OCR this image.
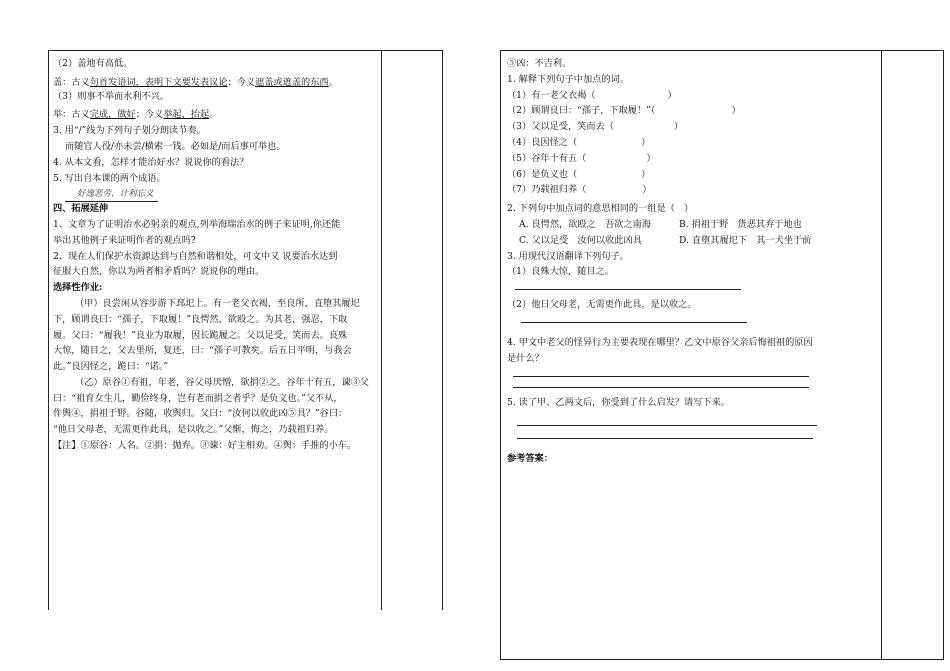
（2）盖地有高低。

盖：古义句首发语词，表明下文要发表议论；今义遮盖或遮盖的东西。

（3）则事不举而水利不兴。

举：古义完成，做好；今义举起，抬起。

3. 用“/”线为下列句子划分朗读节奏。

而随官人役/亦未尝/横索一钱。必如是/而后事可举也。

4. 从本文看，怎样才能治好水？说说你的看法？

5. 写出自本课的两个成语。

好逸恶劳、计利忘义

四、拓展延伸

1、文章为了证明治水必躬亲的观点,列举海瑞治水的例子来证明,你还能

举出其他例子来证明作者的观点吗?

2、现在人们保护水资源达到与自然和谐相处，可文中又 说要治水达到

征服大自然，你以为两者相矛盾吗？说说你的理由。

选择性作业:

（甲）良尝闲从容步游下邳圯上。有一老父衣褐，至良所，直堕其履圯

下，顾谓良曰：“孺子，下取履！”良愕然，欲殴之。为其老，强忍，下取

履。父曰：“履我！”良业为取履，因长跪履之。父以足受，笑而去。良殊

大惊，随目之，父去里所，复还，曰：“孺子可教矣。后五日平明，与我会

此。”良因怪之，跪曰：“诺。”

（乙）原谷①有祖，年老，谷父母厌憎，欲捐②之。谷年十有五，谏③父

曰：“祖育女生儿，勤俭终身，岂有老而捐之者乎？是负义也。”父不从，

作舆④，捐祖于野。谷随，收舆归。父曰：“汝何以收此凶⑤具？”谷曰：

“他日父母老，无需更作此具，是以收之。”父惭，悔之，乃载祖归养。

【注】①原谷：人名。②捐：抛弃。③谏：好主相劝。④舆：手推的小车。

⑤凶：不吉利。

1. 解释下列句子中加点的词。

（1）有一老父衣褐（	）

（2）顾谓良曰：“孺子，下取履！”（	）

（3）父以足受，笑而去（	）

（4）良因怪之（	）

（5）谷年十有五（	）

（6）是负义也（	）

（7）乃载祖归养（	）

2. 下列句中加点词的意思相同的一组是（　）

A. 良愕然，欲殴之　吾欲之南海	B. 捐祖于野　货恶其弃于地也

C. 父以足受　汝何以收此凶具	D. 直堕其履圯下　其一犬坐于前

3. 用现代汉语翻译下列句子。

（1）良殊大惊，随目之。

（2）他日父母老，无需更作此具，是以收之。

4. 甲文中老父的怪异行为主要表现在哪里？乙文中原谷父亲后悔祖祖的原因

是什么？

5. 读了甲、乙两文后，你受到了什么启发？请写下来。

参考答案：
